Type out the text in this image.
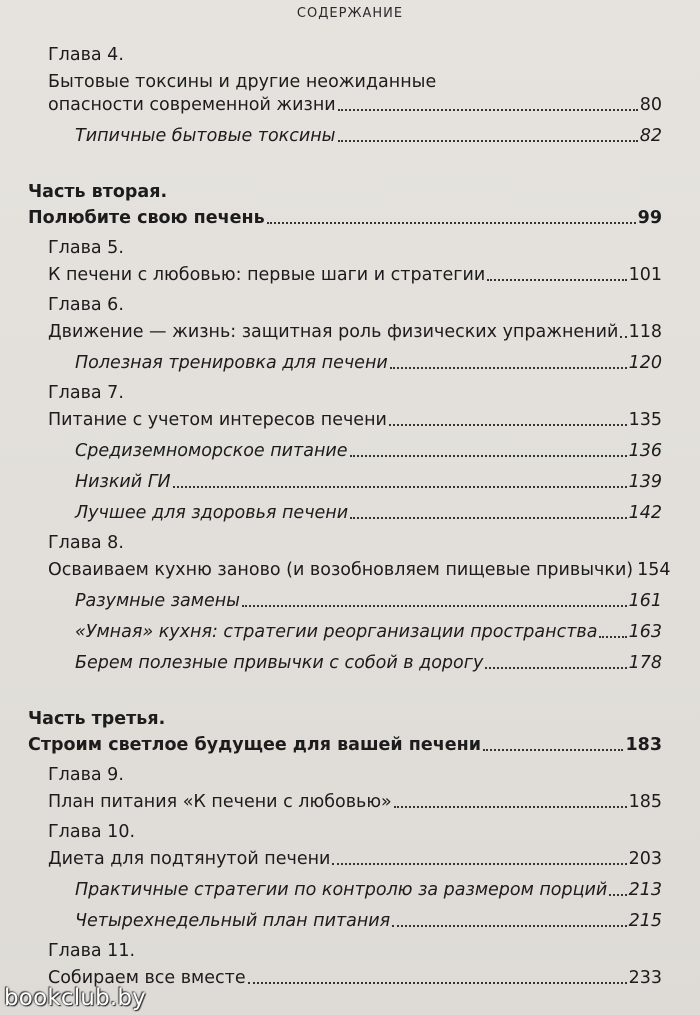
СОДЕРЖАНИЕ
Глава 4.
Бытовые токсины и другие неожиданные
опасности современной жизни	80
Типичные бытовые токсины	82
Часть вторая.
Полюбите свою печень	99
Глава 5.
К печени с любовью: первые шаги и стратегии	101
Глава 6.
Движение — жизнь: защитная роль физических упражнений 118
Полезная тренировка для печени	120
Глава 7.
Питание с учетом интересов печени	135
Средиземноморское питание	136
Низкий ГИ	139
Лучшее для здоровья печени	142
Глава 8.
Осваиваем кухню заново (и возобновляем пищевые привычки) 154
Разумные замены	161
«Умная» кухня: стратегии реорганизации пространства 163
Берем полезные привычки с собой в дорогу	178
Часть третья.
Строим светлое будущее для вашей печени	183
Глава 9.
План питания «К печени с любовью»	185
Глава 10.
Диета для подтянутой печени	203
Практичные стратегии по контролю за размером порций 213
Четырехнедельный план питания	215
Глава 11.
Собираем все вместе	233
bookclub.by
